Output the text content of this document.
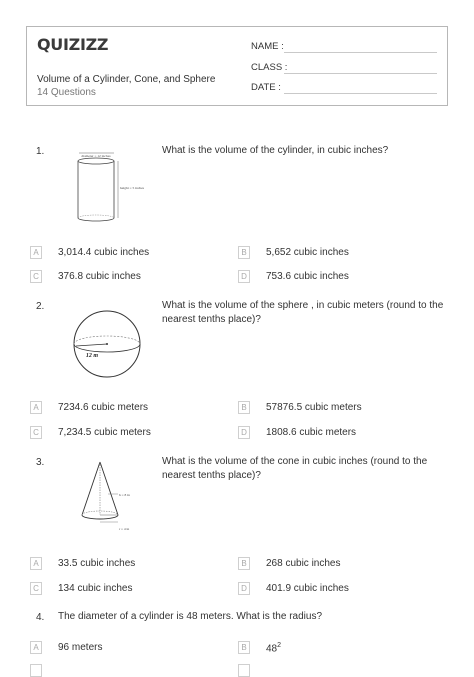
QUIZIZZ
Volume of a Cylinder, Cone, and Sphere
14 Questions
NAME :
CLASS :
DATE :
1.	What is the volume of the cylinder, in cubic inches?
diameter = 12 inches
height = 5 inches
A	3,014.4 cubic inches	B	5,652 cubic inches
C	376.8 cubic inches	D	753.6 cubic inches
2.	What is the volume of the sphere , in cubic meters (round to the
nearest tenths place)?
12 m
A	7234.6 cubic meters	B	57876.5 cubic meters
C	7,234.5 cubic meters	D	1808.6 cubic meters
3.	What is the volume of the cone in cubic inches (round to the
nearest tenths place)?
h = 8 in
r = 4 in
A	33.5 cubic inches	B	268 cubic inches
C	134 cubic inches	D	401.9 cubic inches
4. The diameter of a cylinder is 48 meters. What is the radius?
A	96 meters	B	$48^2$
